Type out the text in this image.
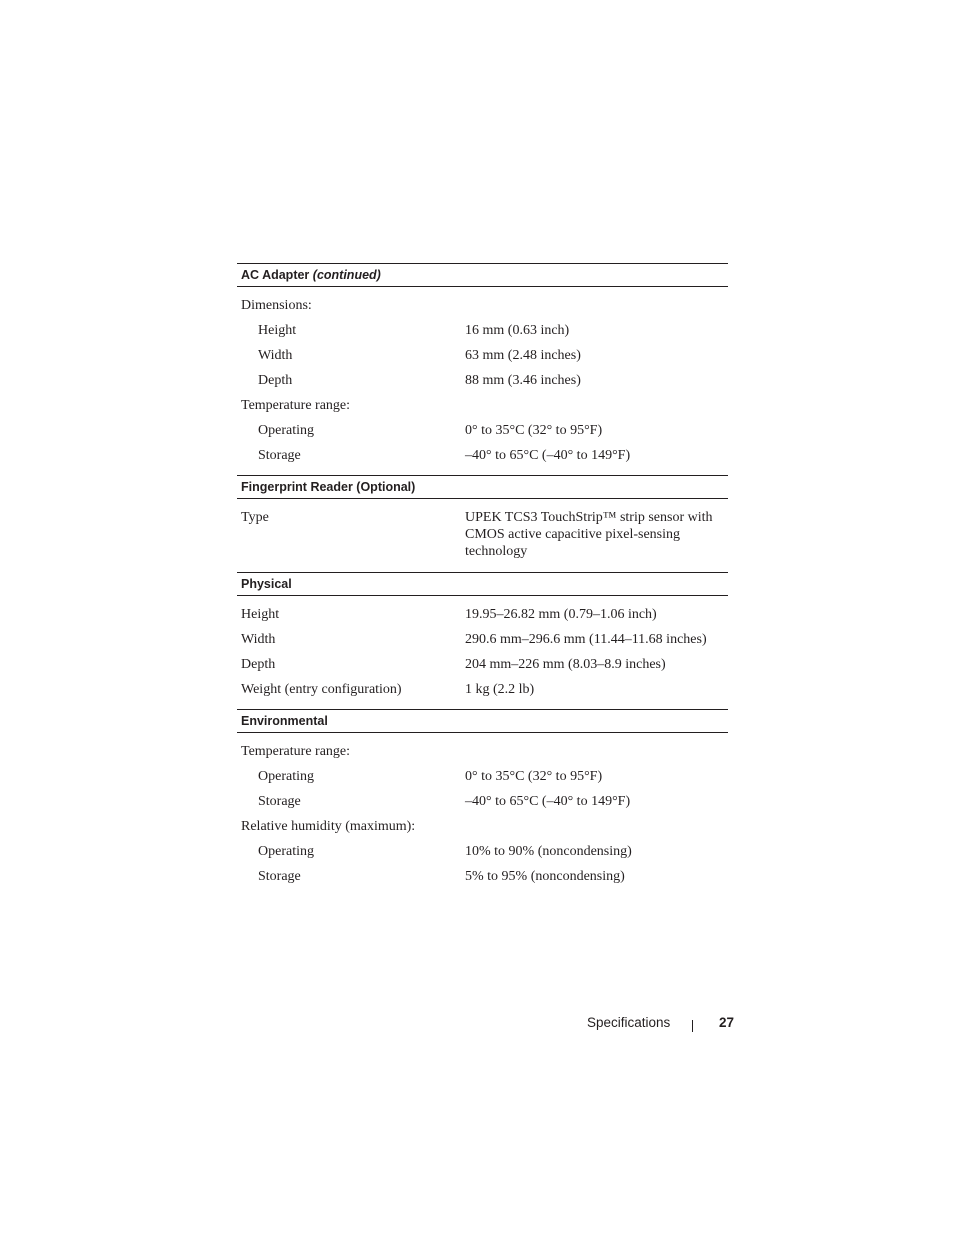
AC Adapter (continued)
Dimensions:
Height	16 mm (0.63 inch)
Width	63 mm (2.48 inches)
Depth	88 mm (3.46 inches)
Temperature range:
Operating	0° to 35°C (32° to 95°F)
Storage	–40° to 65°C (–40° to 149°F)
Fingerprint Reader (Optional)
Type	UPEK TCS3 TouchStrip™ strip sensor with CMOS active capacitive pixel-sensing technology
Physical
Height	19.95–26.82 mm (0.79–1.06 inch)
Width	290.6 mm–296.6 mm (11.44–11.68 inches)
Depth	204 mm–226 mm (8.03–8.9 inches)
Weight (entry configuration)	1 kg (2.2 lb)
Environmental
Temperature range:
Operating	0° to 35°C (32° to 95°F)
Storage	–40° to 65°C (–40° to 149°F)
Relative humidity (maximum):
Operating	10% to 90% (noncondensing)
Storage	5% to 95% (noncondensing)
Specifications	27
